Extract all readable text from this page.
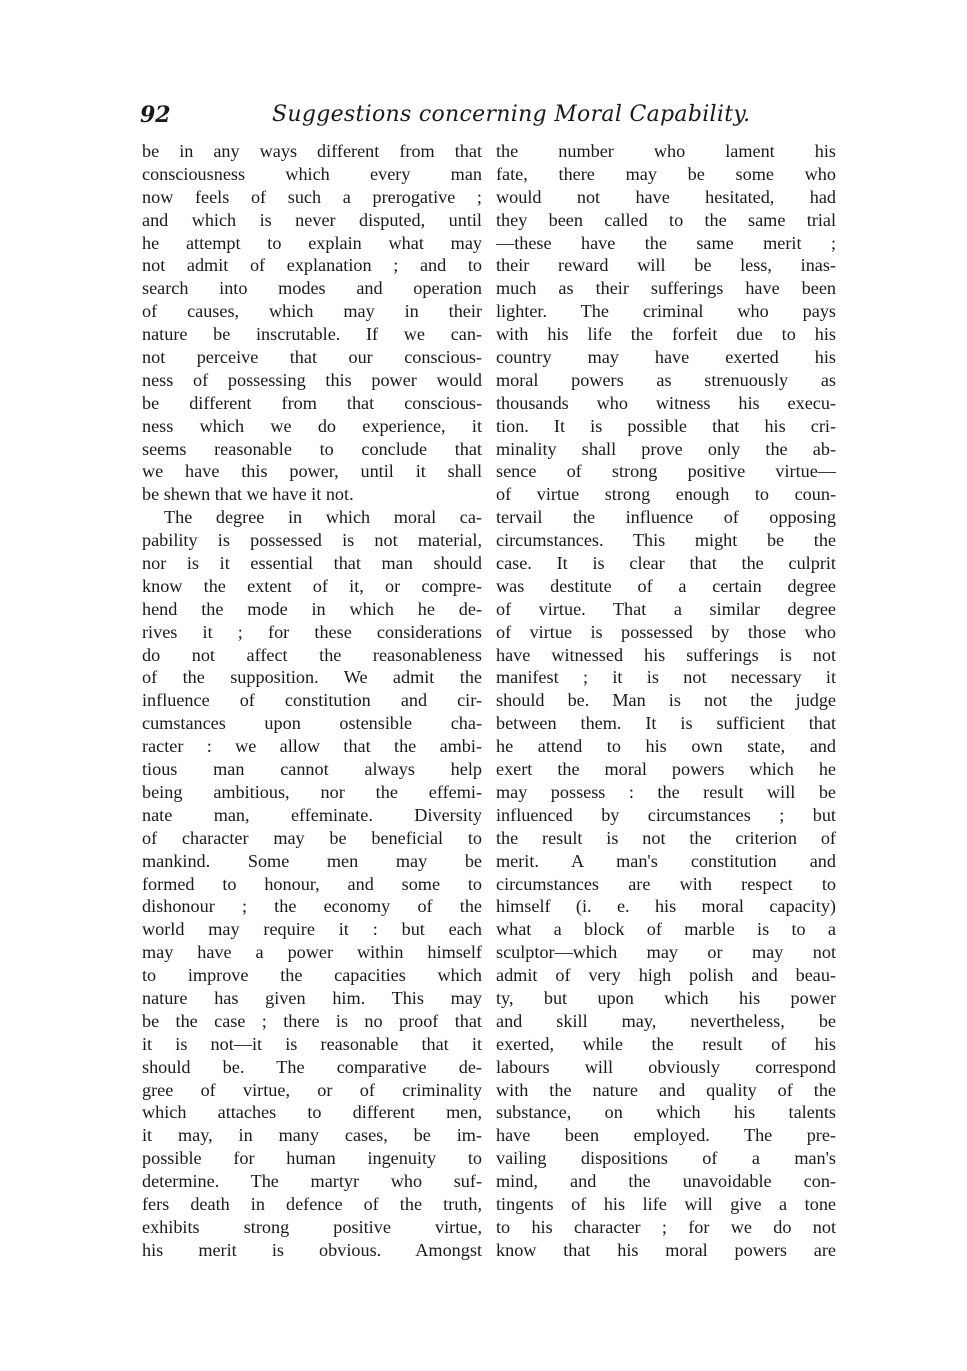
92	Suggestions concerning Moral Capability.
be in any ways different from that
consciousness which every man
now feels of such a prerogative ;
and which is never disputed, until
he attempt to explain what may
not admit of explanation ; and to
search into modes and operation
of causes, which may in their
nature be inscrutable. If we can-
not perceive that our conscious-
ness of possessing this power would
be different from that conscious-
ness which we do experience, it
seems reasonable to conclude that
we have this power, until it shall
be shewn that we have it not.
The degree in which moral ca-
pability is possessed is not material,
nor is it essential that man should
know the extent of it, or compre-
hend the mode in which he de-
rives it ; for these considerations
do not affect the reasonableness
of the supposition. We admit the
influence of constitution and cir-
cumstances upon ostensible cha-
racter : we allow that the ambi-
tious man cannot always help
being ambitious, nor the effemi-
nate man, effeminate. Diversity
of character may be beneficial to
mankind. Some men may be
formed to honour, and some to
dishonour ; the economy of the
world may require it : but each
may have a power within himself
to improve the capacities which
nature has given him. This may
be the case ; there is no proof that
it is not—it is reasonable that it
should be. The comparative de-
gree of virtue, or of criminality
which attaches to different men,
it may, in many cases, be im-
possible for human ingenuity to
determine. The martyr who suf-
fers death in defence of the truth,
exhibits strong positive virtue,
his merit is obvious. Amongst
the number who lament his
fate, there may be some who
would not have hesitated, had
they been called to the same trial
—these have the same merit ;
their reward will be less, inas-
much as their sufferings have been
lighter. The criminal who pays
with his life the forfeit due to his
country may have exerted his
moral powers as strenuously as
thousands who witness his execu-
tion. It is possible that his cri-
minality shall prove only the ab-
sence of strong positive virtue—
of virtue strong enough to coun-
tervail the influence of opposing
circumstances. This might be the
case. It is clear that the culprit
was destitute of a certain degree
of virtue. That a similar degree
of virtue is possessed by those who
have witnessed his sufferings is not
manifest ; it is not necessary it
should be. Man is not the judge
between them. It is sufficient that
he attend to his own state, and
exert the moral powers which he
may possess : the result will be
influenced by circumstances ; but
the result is not the criterion of
merit. A man's constitution and
circumstances are with respect to
himself (i. e. his moral capacity)
what a block of marble is to a
sculptor—which may or may not
admit of very high polish and beau-
ty, but upon which his power
and skill may, nevertheless, be
exerted, while the result of his
labours will obviously correspond
with the nature and quality of the
substance, on which his talents
have been employed. The pre-
vailing dispositions of a man's
mind, and the unavoidable con-
tingents of his life will give a tone
to his character ; for we do not
know that his moral powers are
